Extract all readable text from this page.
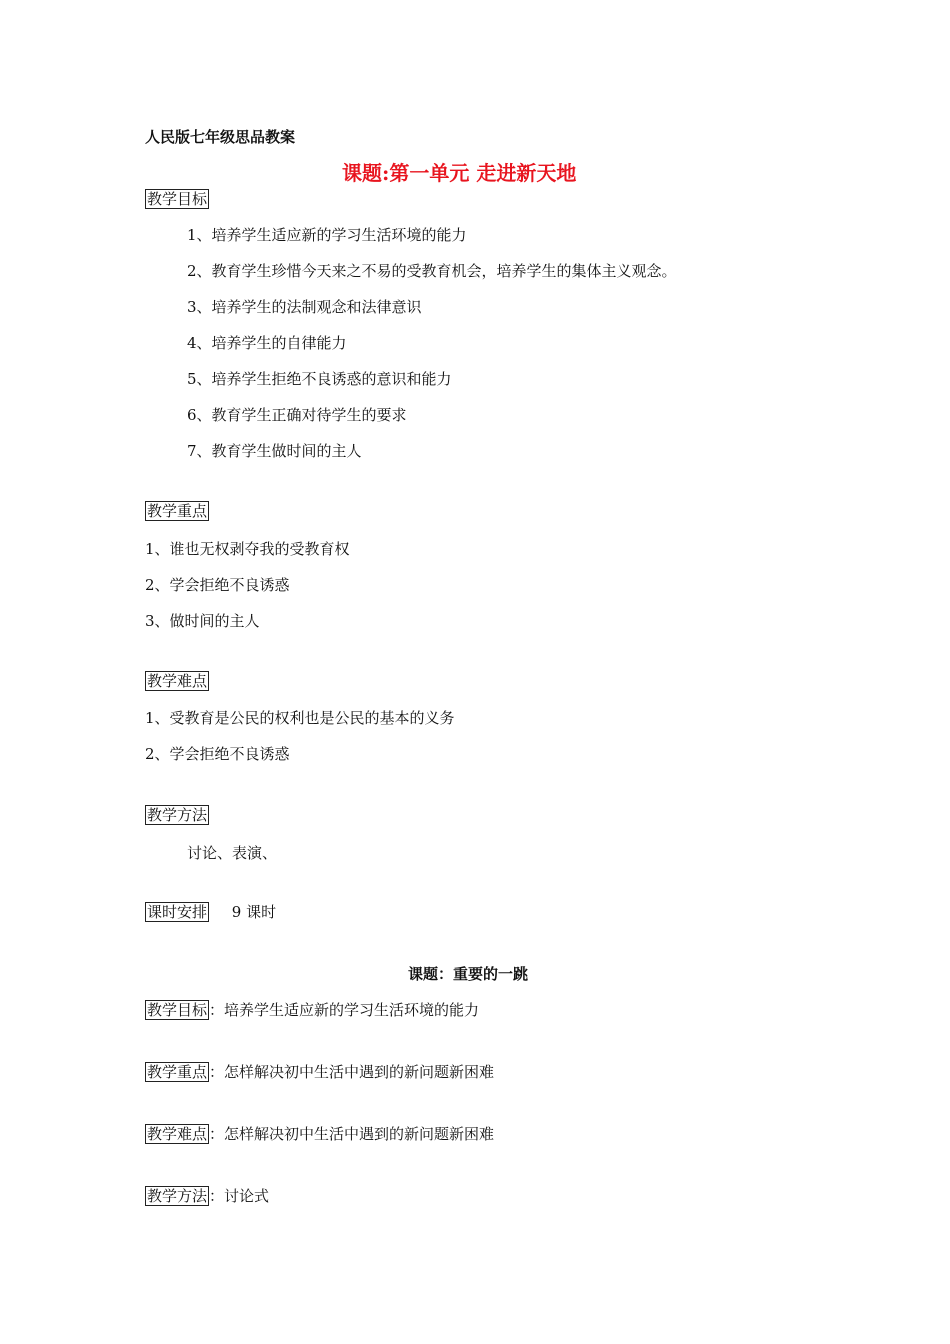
人民版七年级思品教案
课题:第一单元 走进新天地
教学目标
1、培养学生适应新的学习生活环境的能力
2、教育学生珍惜今天来之不易的受教育机会，培养学生的集体主义观念。
3、培养学生的法制观念和法律意识
4、培养学生的自律能力
5、培养学生拒绝不良诱惑的意识和能力
6、教育学生正确对待学生的要求
7、教育学生做时间的主人
教学重点
1、谁也无权剥夺我的受教育权
2、学会拒绝不良诱惑
3、做时间的主人
教学难点
1、受教育是公民的权利也是公民的基本的义务
2、学会拒绝不良诱惑
教学方法
讨论、表演、
课时安排 9 课时
课题：重要的一跳
教学目标 ：培养学生适应新的学习生活环境的能力
教学重点 ：怎样解决初中生活中遇到的新问题新困难
教学难点 ：怎样解决初中生活中遇到的新问题新困难
教学方法 ：讨论式
